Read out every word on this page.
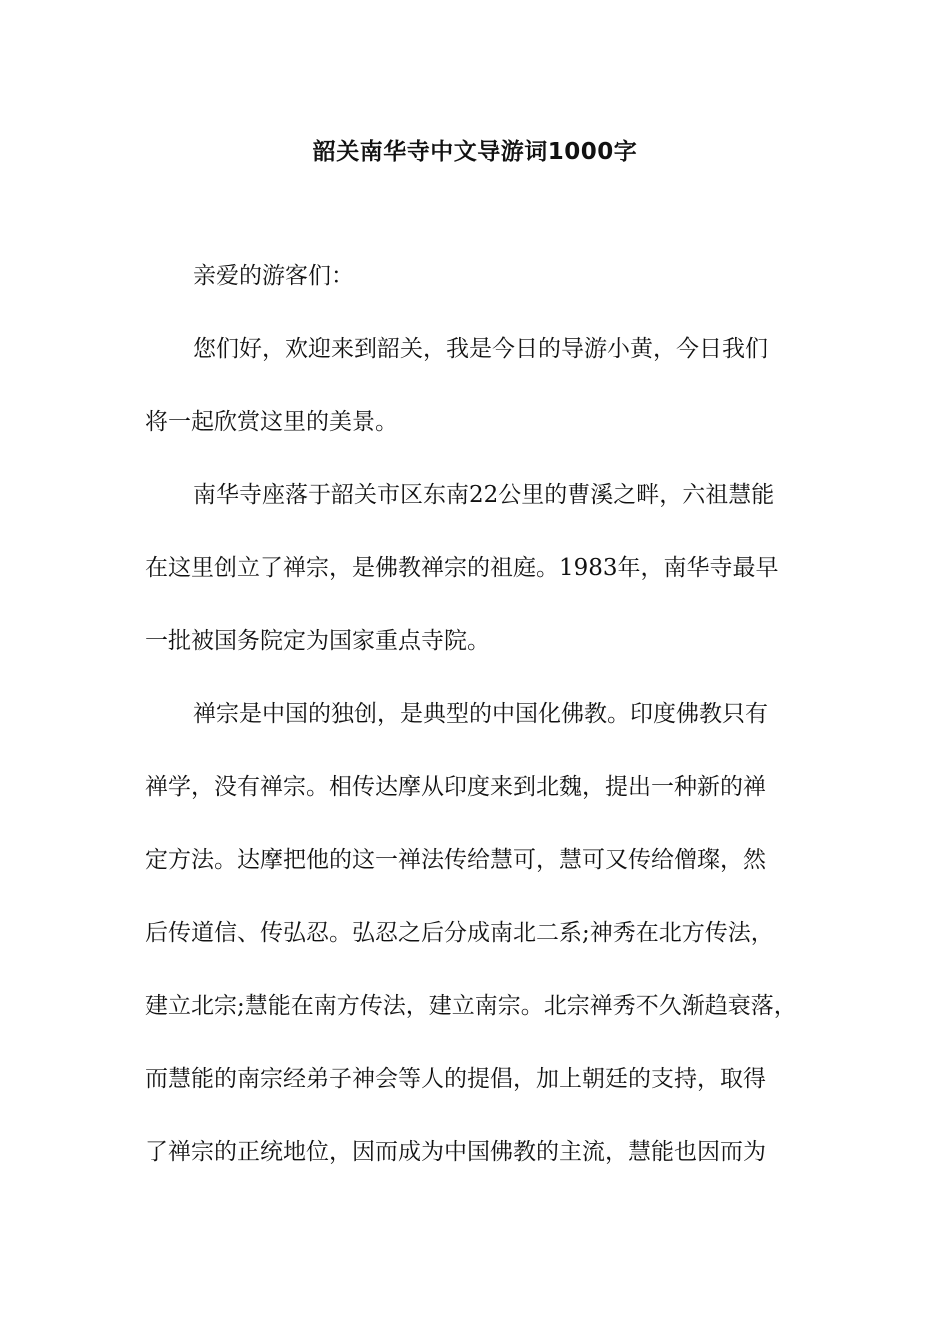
韶关南华寺中文导游词1000字
亲爱的游客们：
您们好，欢迎来到韶关，我是今日的导游小黄，今日我们
将一起欣赏这里的美景。
南华寺座落于韶关市区东南22公里的曹溪之畔，六祖慧能
在这里创立了禅宗，是佛教禅宗的祖庭。1983年，南华寺最早
一批被国务院定为国家重点寺院。
禅宗是中国的独创，是典型的中国化佛教。印度佛教只有
禅学，没有禅宗。相传达摩从印度来到北魏，提出一种新的禅
定方法。达摩把他的这一禅法传给慧可，慧可又传给僧璨，然
后传道信、传弘忍。弘忍之后分成南北二系;神秀在北方传法，
建立北宗;慧能在南方传法，建立南宗。北宗禅秀不久渐趋衰落，
而慧能的南宗经弟子神会等人的提倡，加上朝廷的支持，取得
了禅宗的正统地位，因而成为中国佛教的主流，慧能也因而为
